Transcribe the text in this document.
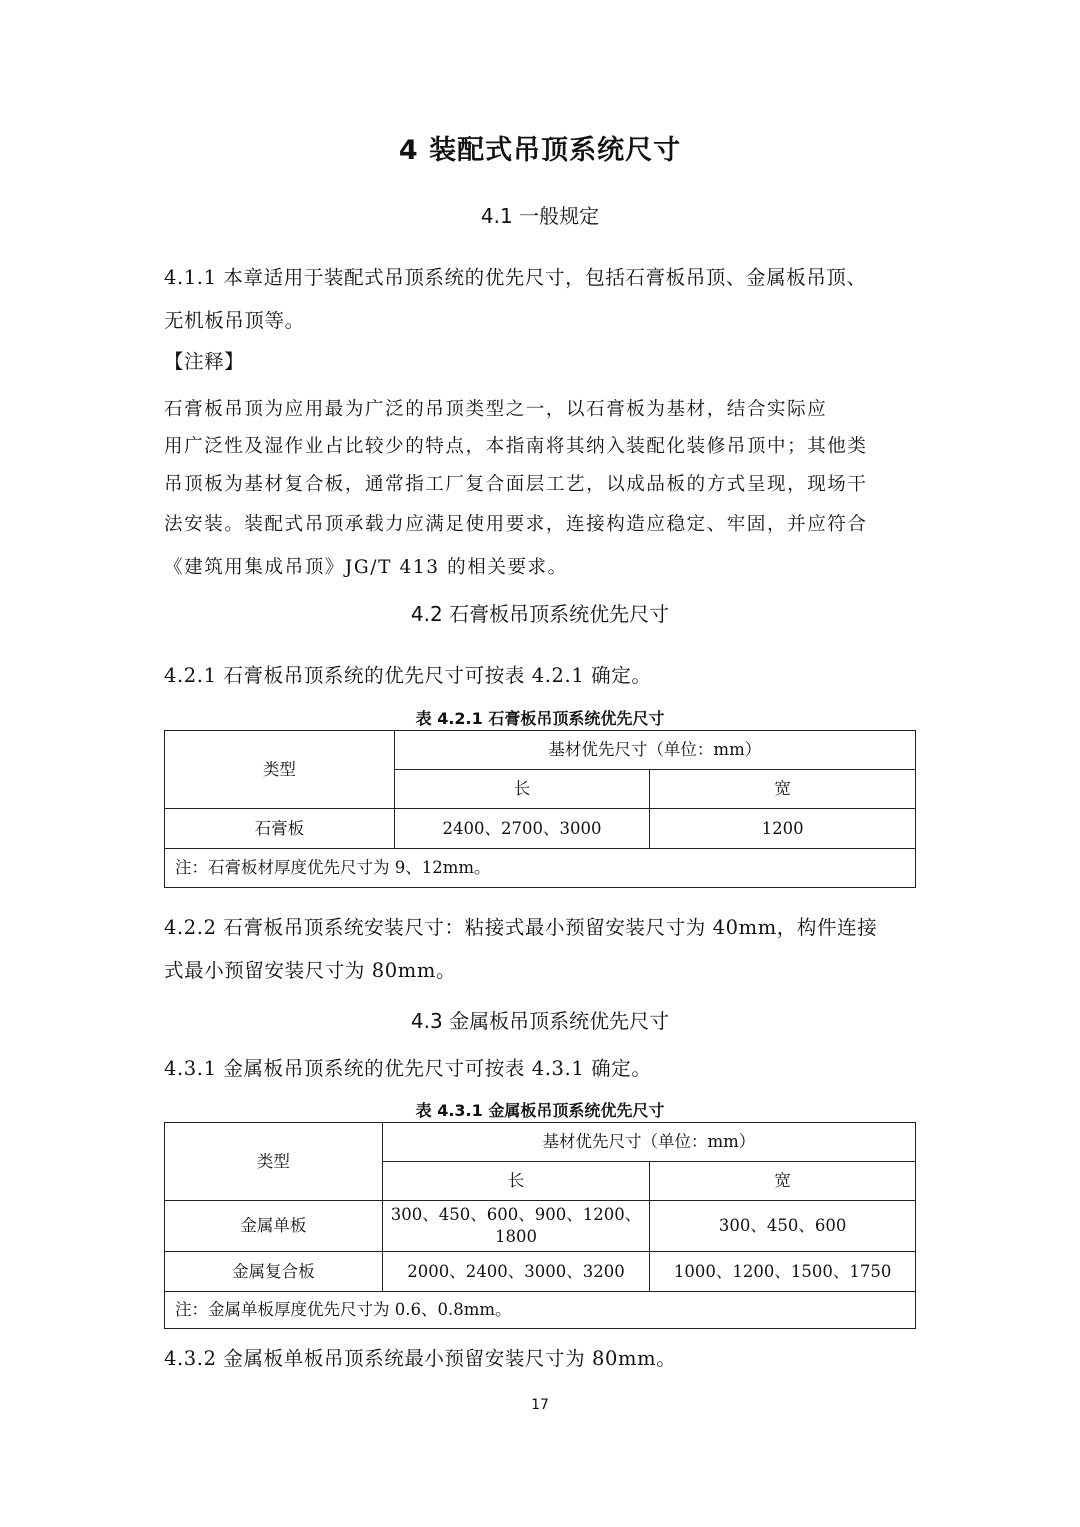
4 装配式吊顶系统尺寸
4.1 一般规定
4.1.1 本章适用于装配式吊顶系统的优先尺寸，包括石膏板吊顶、金属板吊顶、
无机板吊顶等。
【注释】
石膏板吊顶为应用最为广泛的吊顶类型之一，以石膏板为基材，结合实际应
用广泛性及湿作业占比较少的特点，本指南将其纳入装配化装修吊顶中；其他类
吊顶板为基材复合板，通常指工厂复合面层工艺，以成品板的方式呈现，现场干
法安装。装配式吊顶承载力应满足使用要求，连接构造应稳定、牢固，并应符合
《建筑用集成吊顶》JG/T 413 的相关要求。
4.2 石膏板吊顶系统优先尺寸
4.2.1 石膏板吊顶系统的优先尺寸可按表 4.2.1 确定。
表 4.2.1 石膏板吊顶系统优先尺寸
类型	基材优先尺寸（单位：mm）	
	长	宽
石膏板	2400、2700、3000	1200
注：石膏板材厚度优先尺寸为 9、12mm。		
4.2.2 石膏板吊顶系统安装尺寸：粘接式最小预留安装尺寸为 40mm，构件连接
式最小预留安装尺寸为 80mm。
4.3 金属板吊顶系统优先尺寸
4.3.1 金属板吊顶系统的优先尺寸可按表 4.3.1 确定。
表 4.3.1 金属板吊顶系统优先尺寸
类型	基材优先尺寸（单位：mm）	
	长	宽
金属单板	300、450、600、900、1200、
1800	300、450、600
金属复合板	2000、2400、3000、3200	1000、1200、1500、1750
注：金属单板厚度优先尺寸为 0.6、0.8mm。		
4.3.2 金属板单板吊顶系统最小预留安装尺寸为 80mm。
17
